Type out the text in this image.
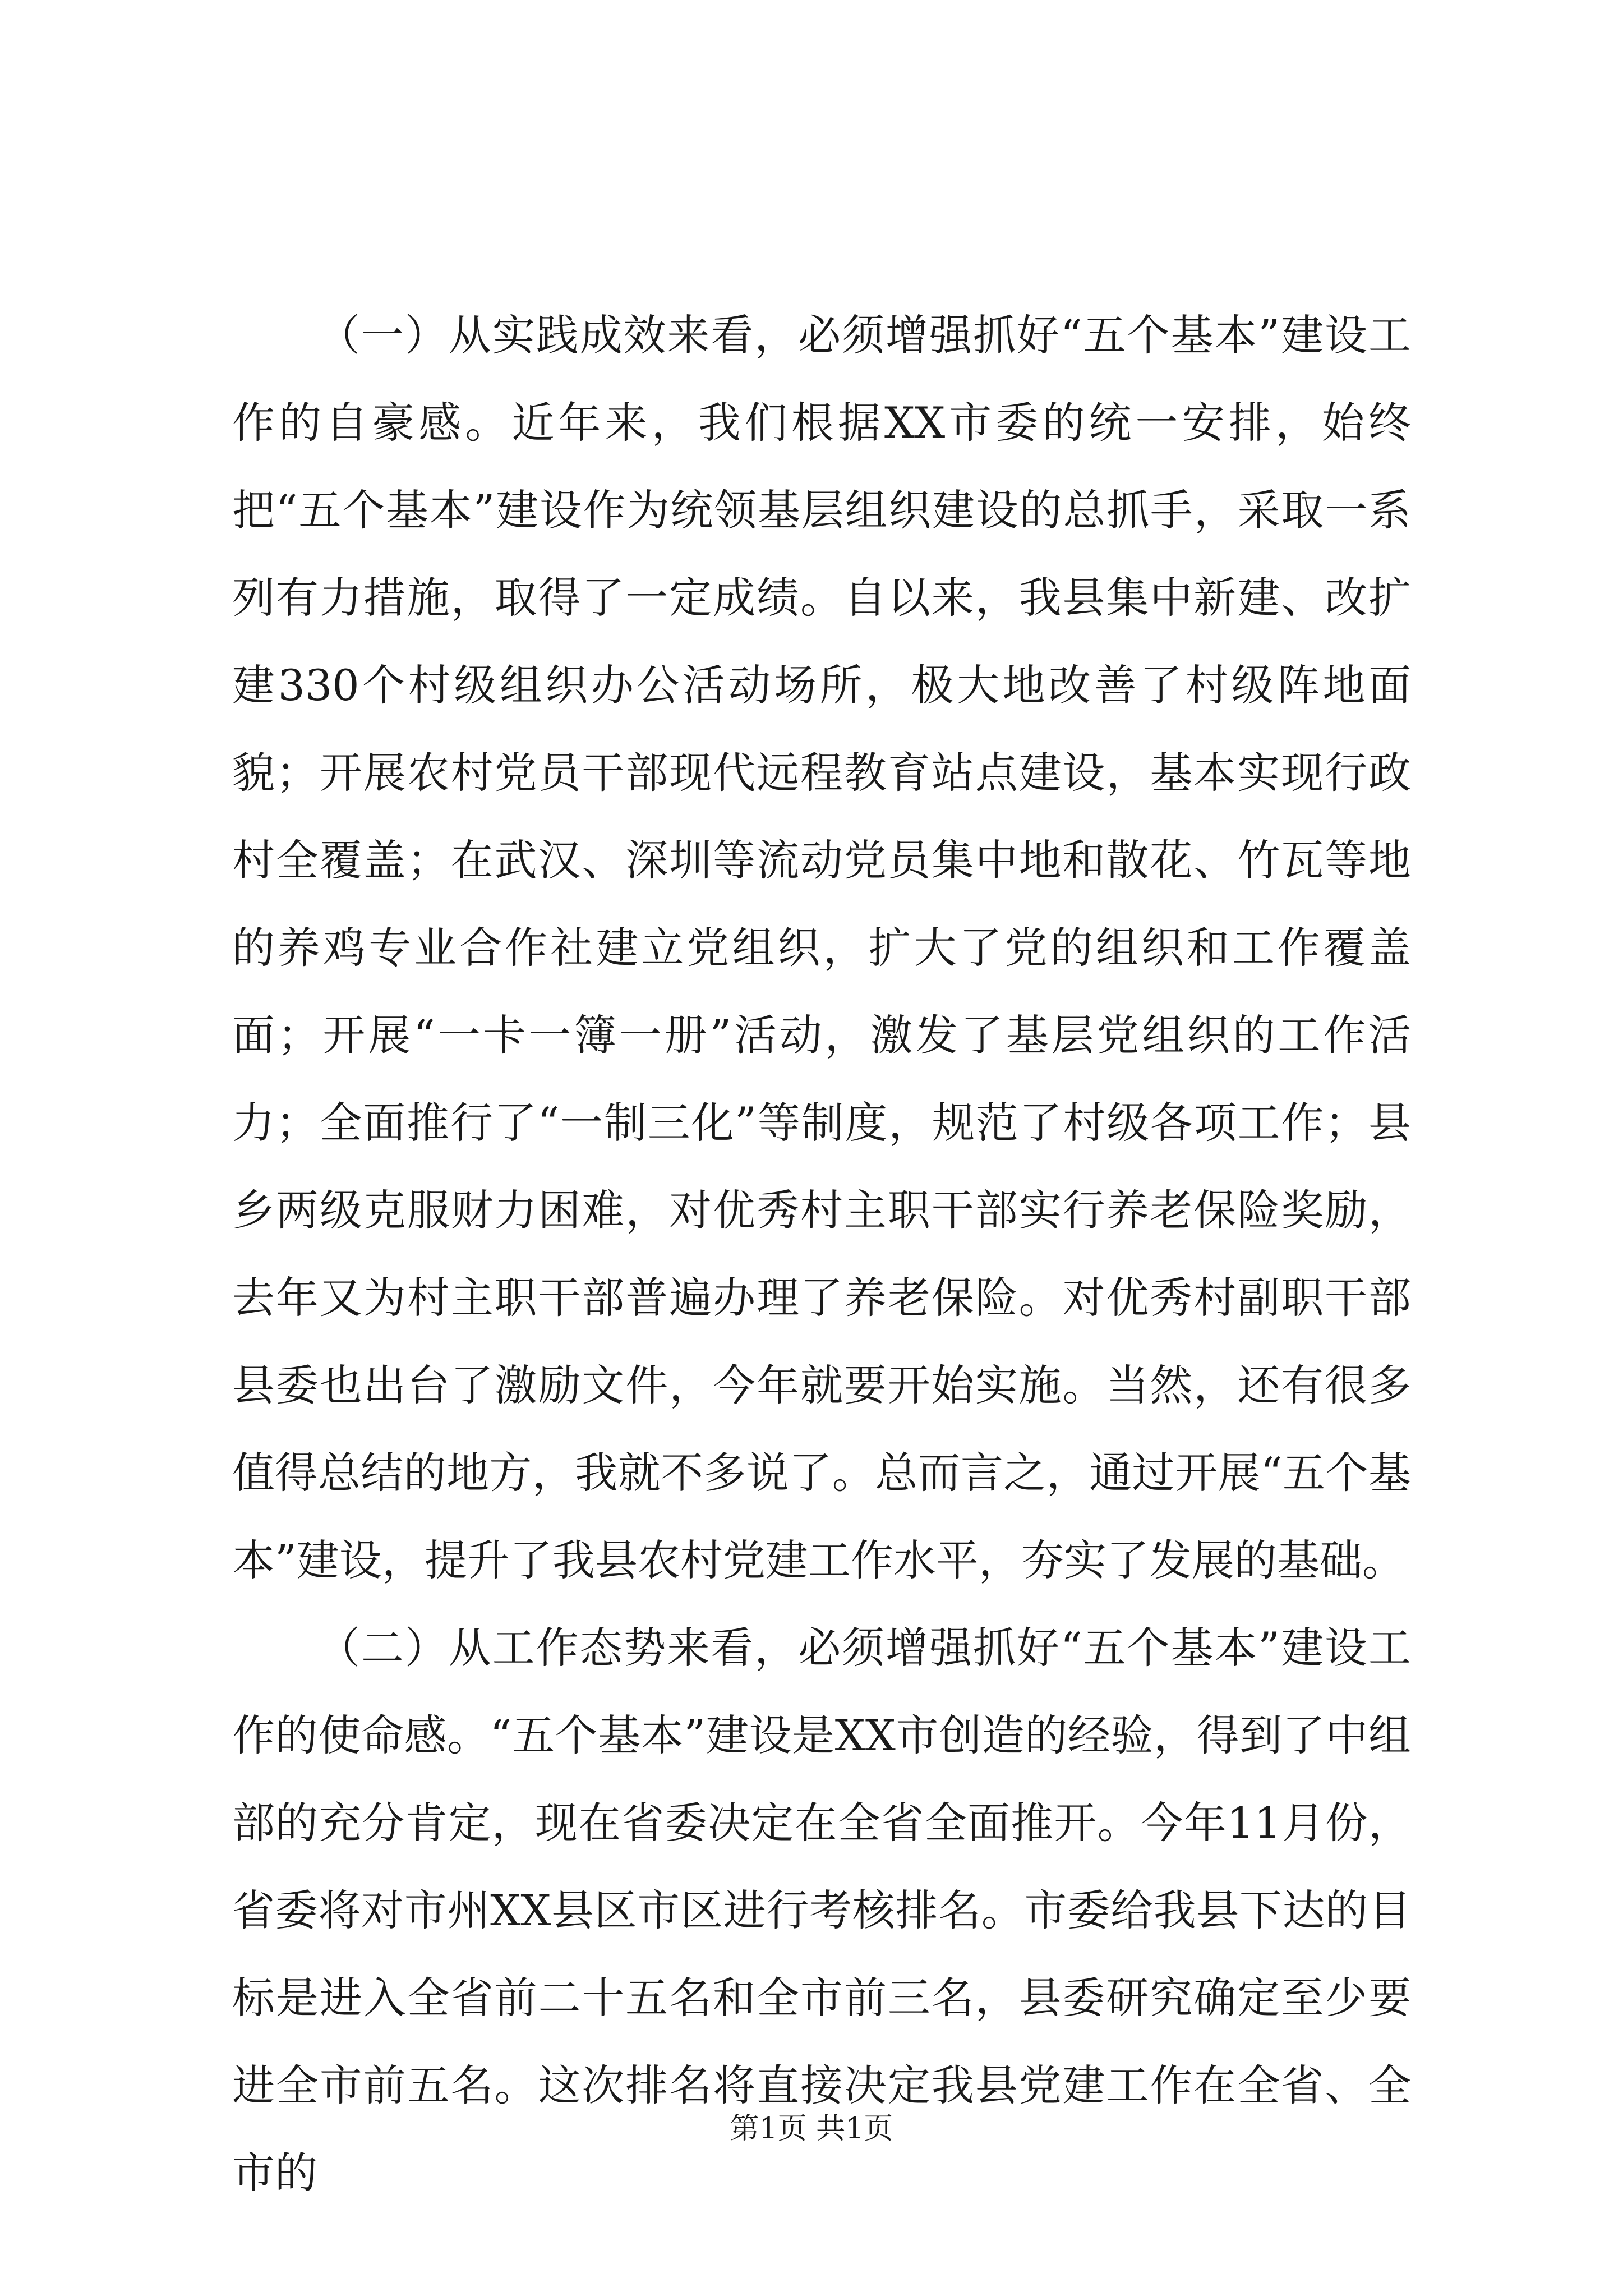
（一）从实践成效来看，必须增强抓好“五个基本”建设工作的自豪感。近年来，我们根据XX市委的统一安排，始终把“五个基本”建设作为统领基层组织建设的总抓手，采取一系列有力措施，取得了一定成绩。自以来，我县集中新建、改扩建330个村级组织办公活动场所，极大地改善了村级阵地面貌；开展农村党员干部现代远程教育站点建设，基本实现行政村全覆盖；在武汉、深圳等流动党员集中地和散花、竹瓦等地的养鸡专业合作社建立党组织，扩大了党的组织和工作覆盖面；开展“一卡一簿一册”活动，激发了基层党组织的工作活力；全面推行了“一制三化”等制度，规范了村级各项工作；县乡两级克服财力困难，对优秀村主职干部实行养老保险奖励，去年又为村主职干部普遍办理了养老保险。对优秀村副职干部县委也出台了激励文件，今年就要开始实施。当然，还有很多值得总结的地方，我就不多说了。总而言之，通过开展“五个基本”建设，提升了我县农村党建工作水平，夯实了发展的基础。

（二）从工作态势来看，必须增强抓好“五个基本”建设工作的使命感。“五个基本”建设是XX市创造的经验，得到了中组部的充分肯定，现在省委决定在全省全面推开。今年11月份，省委将对市州XX县区市区进行考核排名。市委给我县下达的目标是进入全省前二十五名和全市前三名，县委研究确定至少要进全市前五名。这次排名将直接决定我县党建工作在全省、全市的

第1页 共1页
